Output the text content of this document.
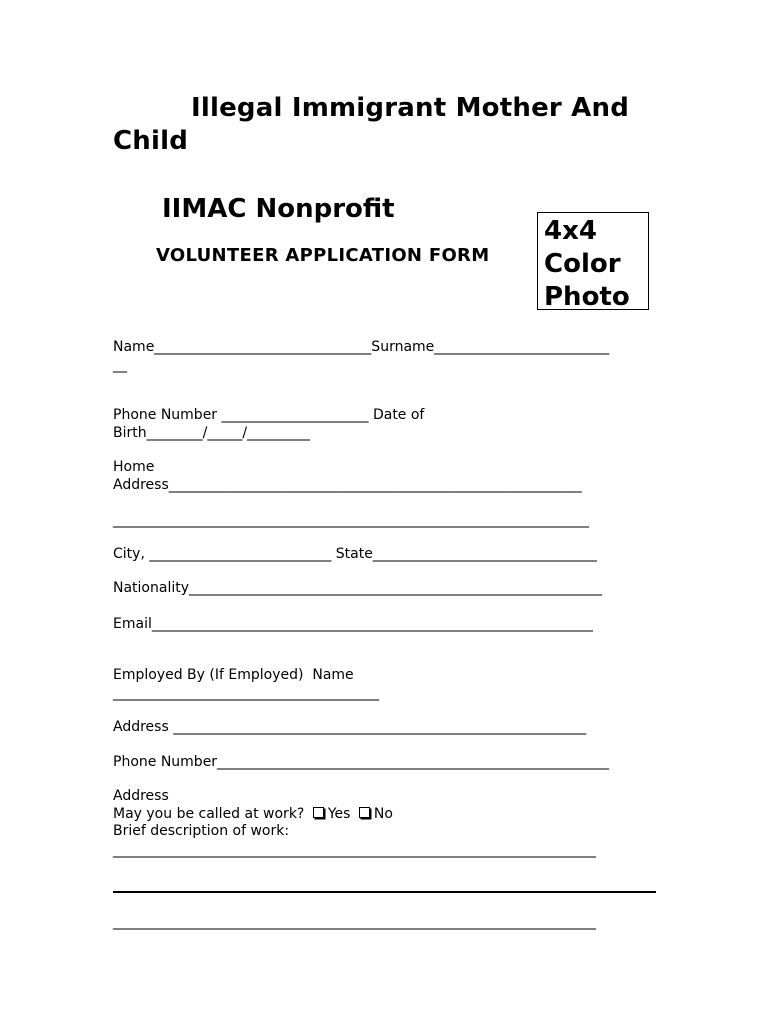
Illegal Immigrant Mother And Child
IIMAC Nonprofit
VOLUNTEER APPLICATION FORM
4x4
Color
Photo
Name_______________________________Surname_________________________
__
Phone Number _____________________ Date of
Birth________/_____/_________
Home
Address___________________________________________________________
____________________________________________________________________
City, __________________________ State________________________________
Nationality___________________________________________________________
Email_______________________________________________________________
Employed By (If Employed)  Name
______________________________________
Address ___________________________________________________________
Phone Number________________________________________________________
Address
May you be called at work? Yes No
Brief description of work:
_____________________________________________________________________
_____________________________________________________________________
